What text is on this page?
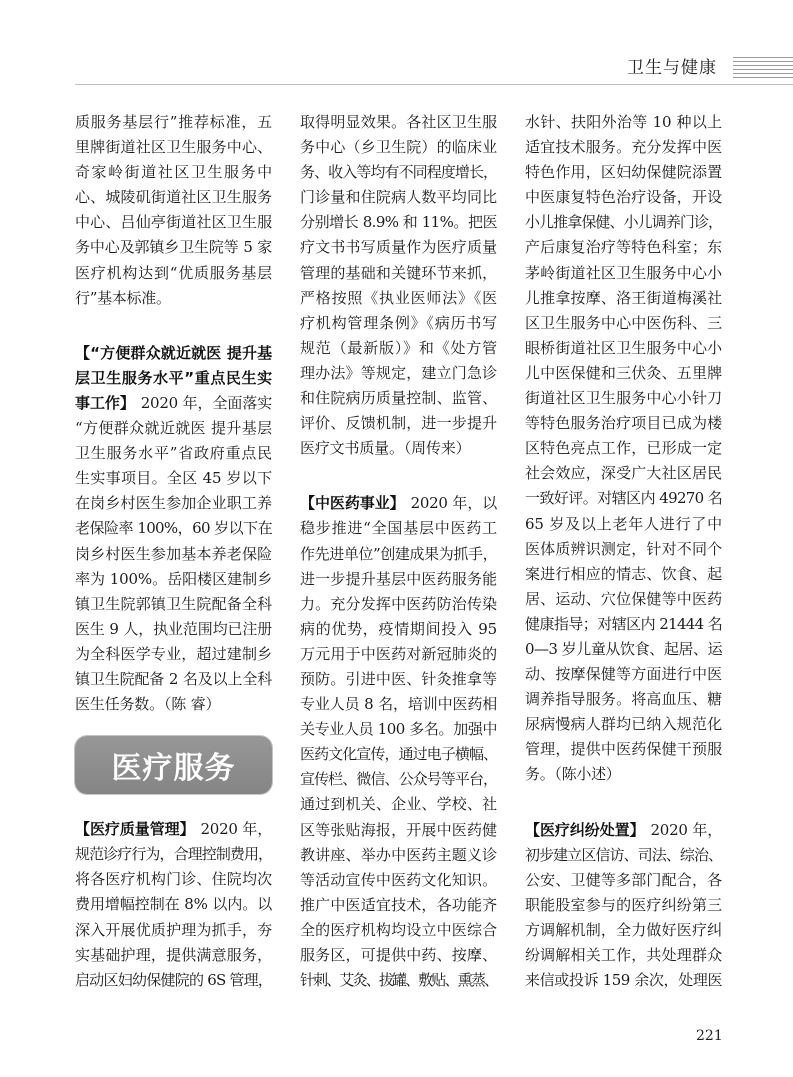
卫生与健康
质服务基层行”推荐标准，五
里牌街道社区卫生服务中心、
奇家岭街道社区卫生服务中
心、城陵矶街道社区卫生服务
中心、吕仙亭街道社区卫生服
务中心及郭镇乡卫生院等 5 家
医疗机构达到“优质服务基层
行”基本标准。
【“方便群众就近就医 提升基
层卫生服务水平”重点民生实
事工作】 2020 年，全面落实
“方便群众就近就医 提升基层
卫生服务水平”省政府重点民
生实事项目。全区 45 岁以下
在岗乡村医生参加企业职工养
老保险率 100%，60 岁以下在
岗乡村医生参加基本养老保险
率为 100%。岳阳楼区建制乡
镇卫生院郭镇卫生院配备全科
医生 9 人，执业范围均已注册
为全科医学专业，超过建制乡
镇卫生院配备 2 名及以上全科
医生任务数。（陈 睿）
医疗服务
【医疗质量管理】 2020 年，
规范诊疗行为，合理控制费用，
将各医疗机构门诊、住院均次
费用增幅控制在 8% 以内。以
深入开展优质护理为抓手，夯
实基础护理，提供满意服务，
启动区妇幼保健院的 6S 管理，
取得明显效果。各社区卫生服
务中心（乡卫生院）的临床业
务、收入等均有不同程度增长，
门诊量和住院病人数平均同比
分别增长 8.9% 和 11%。把医
疗文书书写质量作为医疗质量
管理的基础和关键环节来抓，
严格按照《执业医师法》《医
疗机构管理条例》《病历书写
规范（最新版）》和《处方管
理办法》等规定，建立门急诊
和住院病历质量控制、监管、
评价、反馈机制，进一步提升
医疗文书质量。（周传来）
【中医药事业】 2020 年，以
稳步推进“全国基层中医药工
作先进单位”创建成果为抓手，
进一步提升基层中医药服务能
力。充分发挥中医药防治传染
病的优势，疫情期间投入 95
万元用于中医药对新冠肺炎的
预防。引进中医、针灸推拿等
专业人员 8 名，培训中医药相
关专业人员 100 多名。加强中
医药文化宣传，通过电子横幅、
宣传栏、微信、公众号等平台，
通过到机关、企业、学校、社
区等张贴海报，开展中医药健
教讲座、举办中医药主题义诊
等活动宣传中医药文化知识。
推广中医适宜技术，各功能齐
全的医疗机构均设立中医综合
服务区，可提供中药、按摩、
针刺、艾灸、拔罐、敷贴、熏蒸、
水针、扶阳外治等 10 种以上
适宜技术服务。充分发挥中医
特色作用，区妇幼保健院添置
中医康复特色治疗设备，开设
小儿推拿保健、小儿调养门诊，
产后康复治疗等特色科室；东
茅岭街道社区卫生服务中心小
儿推拿按摩、洛王街道梅溪社
区卫生服务中心中医伤科、三
眼桥街道社区卫生服务中心小
儿中医保健和三伏灸、五里牌
街道社区卫生服务中心小针刀
等特色服务治疗项目已成为楼
区特色亮点工作，已形成一定
社会效应，深受广大社区居民
一致好评。对辖区内 49270 名
65 岁及以上老年人进行了中
医体质辨识测定，针对不同个
案进行相应的情志、饮食、起
居、运动、穴位保健等中医药
健康指导；对辖区内 21444 名
0—3 岁儿童从饮食、起居、运
动、按摩保健等方面进行中医
调养指导服务。将高血压、糖
尿病慢病人群均已纳入规范化
管理，提供中医药保健干预服
务。（陈小述）
【医疗纠纷处置】 2020 年，
初步建立区信访、司法、综治、
公安、卫健等多部门配合，各
职能股室参与的医疗纠纷第三
方调解机制，全力做好医疗纠
纷调解相关工作，共处理群众
来信或投诉 159 余次，处理医
221
